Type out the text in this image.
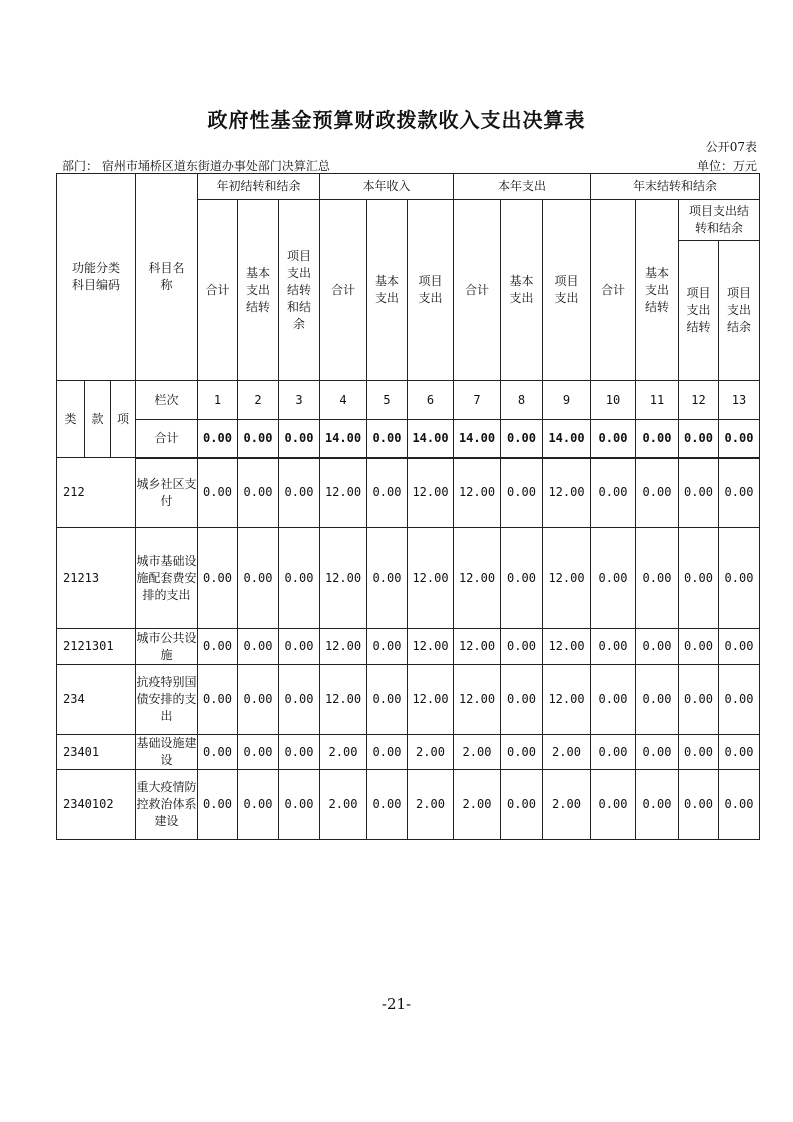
政府性基金预算财政拨款收入支出决算表
公开07表
部门： 宿州市埇桥区道东街道办事处部门决算汇总	单位：万元
功能分类科目编码			科目名称	年初结转和结余			本年收入			本年支出			年末结转和结余			
				合计	基本支出结转	项目支出结转和结余	合计	基本支出	项目支出	合计	基本支出	项目支出	合计	基本支出结转	项目支出结转和结余	
															项目支出结转	项目支出结余

类	款	项	栏次	1	2	3	4	5	6	7	8	9	10	11	12	13
			合计	0.00	0.00	0.00	14.00	0.00	14.00	14.00	0.00	14.00	0.00	0.00	0.00	0.00
212			城乡社区支付	0.00	0.00	0.00	12.00	0.00	12.00	12.00	0.00	12.00	0.00	0.00	0.00	0.00
21213			城市基础设施配套费安排的支出	0.00	0.00	0.00	12.00	0.00	12.00	12.00	0.00	12.00	0.00	0.00	0.00	0.00
2121301			城市公共设施	0.00	0.00	0.00	12.00	0.00	12.00	12.00	0.00	12.00	0.00	0.00	0.00	0.00
234			抗疫特别国债安排的支出	0.00	0.00	0.00	12.00	0.00	12.00	12.00	0.00	12.00	0.00	0.00	0.00	0.00
23401			基础设施建设	0.00	0.00	0.00	2.00	0.00	2.00	2.00	0.00	2.00	0.00	0.00	0.00	0.00
2340102			重大疫情防控救治体系建设	0.00	0.00	0.00	2.00	0.00	2.00	2.00	0.00	2.00	0.00	0.00	0.00	0.00
-21-
